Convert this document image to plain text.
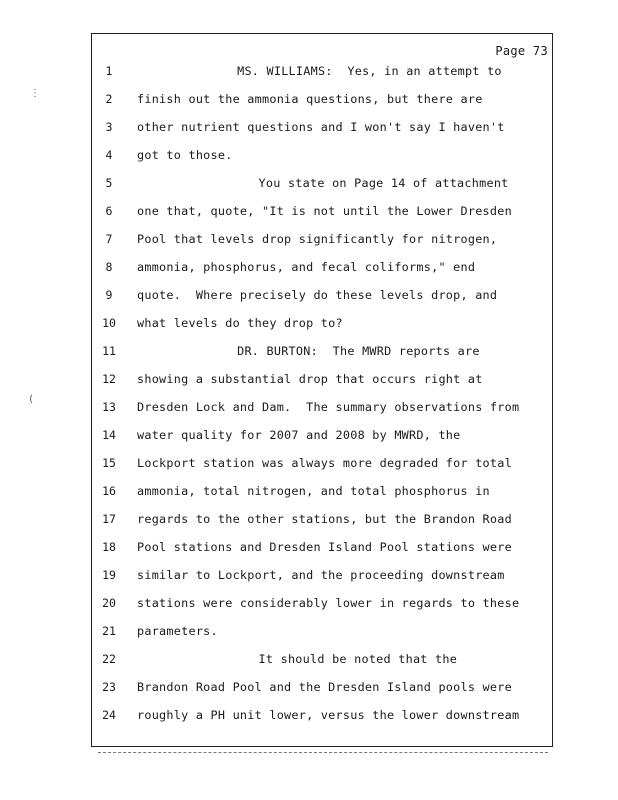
Page 73
1	MS. WILLIAMS:  Yes, in an attempt to
2	finish out the ammonia questions, but there are
3	other nutrient questions and I won't say I haven't
4	got to those.
5	You state on Page 14 of attachment
6	one that, quote, "It is not until the Lower Dresden
7	Pool that levels drop significantly for nitrogen,
8	ammonia, phosphorus, and fecal coliforms," end
9	quote.  Where precisely do these levels drop, and
10	what levels do they drop to?
11	DR. BURTON:  The MWRD reports are
12	showing a substantial drop that occurs right at
13	Dresden Lock and Dam.  The summary observations from
14	water quality for 2007 and 2008 by MWRD, the
15	Lockport station was always more degraded for total
16	ammonia, total nitrogen, and total phosphorus in
17	regards to the other stations, but the Brandon Road
18	Pool stations and Dresden Island Pool stations were
19	similar to Lockport, and the proceeding downstream
20	stations were considerably lower in regards to these
21	parameters.
22	It should be noted that the
23	Brandon Road Pool and the Dresden Island pools were
24	roughly a PH unit lower, versus the lower downstream
⋮
(
